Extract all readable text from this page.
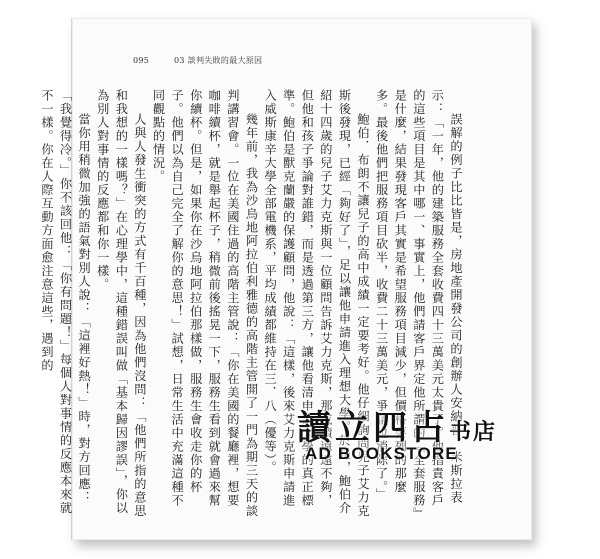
095	03 談判失敗的最大原因

誤解的例子比比皆是，房地產開發公司的創辦人安納普．米斯拉表示：「一年，他的建築服務全套收費四十三萬美元太貴了。他指責客戶的這些項目是其中哪一、事實上，他們請客戶界定他所謂的『全套服務』是什麼，結果發現客戶其實是希望服務項目減少，但價格要列的那麼多。最後他們把服務項目砍半，收費二十三萬美元，爭議也消除了。」

鮑伯．布朗不讓兒子的高中成績一定要考好。他仔細詢問兒子艾力克斯後發現，已經「夠好了」，足以讓他申請進入理想大學。於是，鮑伯介紹十四歲的兒子艾力克斯與一位顧問告訴艾力克斯，那成績遠遠不夠，但他和孩子爭論對誰錯，而是透過第三方，讓他看清申請大學的真正標準。鮑伯是獸克蘭嚴的保護顧問，他說：「這樣，後來艾力克斯申請進入威斯康辛大學全部電機系，平均成績都維持在三．八（優等）。

幾年前，我為沙烏地阿拉伯利雅德的高階主管開了一門為期三天的談判講習會。一位在美國住過的高階主管說：「你在美國的餐廳裡，想要咖啡續杯，就是舉起杯子，稍微前後搖晃一下，服務生看到就會過來幫你續杯。但是，如果你在沙烏地阿拉伯那樣做，服務生會收走你的杯子。他們以為自己完全了解你的意思！」試想，日常生活中充滿這種不同觀點的情況。

人與人發生衝突的方式有千百種，因為他們沒問：「他們所指的意思和我想的一樣嗎？」在心理學中，這種錯誤叫做「基本歸因謬誤」，你以為別人對事情的反應都和你一樣。

當你用稍微加強的語氣對別人說：「這裡好熱！」時，對方回應：「我覺得冷。」你不該回他：「你有問題！」每個人對事情的反應本來就不一樣。你在人際互動方面愈注意這些，遇到的

讀立四占书店
AD BOOKSTORE
